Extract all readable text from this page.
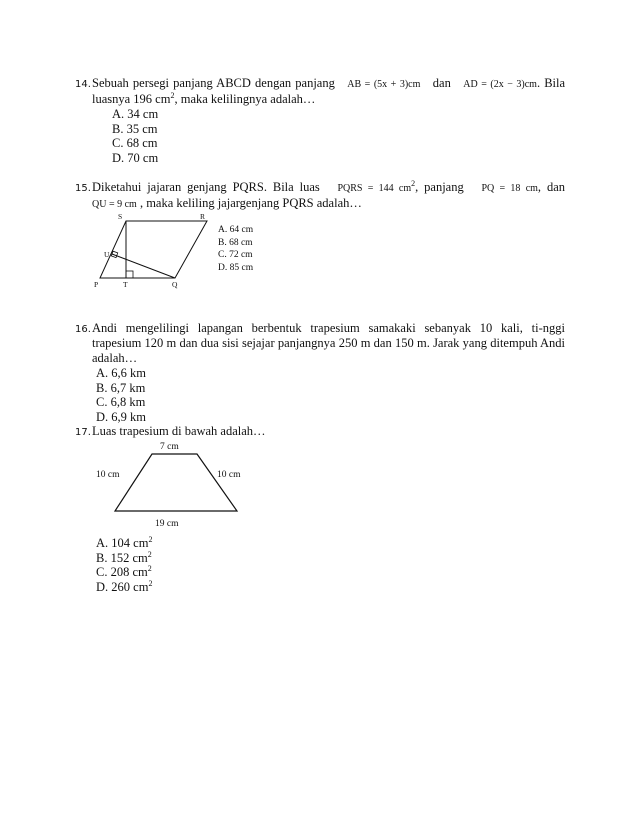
14. Sebuah persegi panjang ABCD dengan panjang AB = (5x + 3)cm dan AD = (2x − 3)cm. Bila
luasnya 196 $cm^2$, maka kelilingnya adalah…
A. 34 cm
B. 35 cm
C. 68 cm
D. 70 cm
15. Diketahui jajaran genjang PQRS. Bila luas PQRS = 144 $cm^2$, panjang PQ = 18 cm, dan
QU = 9 cm , maka keliling jajargenjang PQRS adalah…
S	R
U
P	T	Q
A. 64 cm
B. 68 cm
C. 72 cm
D. 85 cm
16. Andi mengelilingi lapangan berbentuk trapesium samakaki sebanyak 10 kali, ti-nggi trapesium 120 m dan dua sisi sejajar panjangnya 250 m dan 150 m. Jarak yang ditempuh Andi adalah…
A. 6,6 km
B. 6,7 km
C. 6,8 km
D. 6,9 km
17. Luas trapesium di bawah adalah…
7 cm
10 cm	10 cm
19 cm
A. 104 $cm^2$
B. 152 $cm^2$
C. 208 $cm^2$
D. 260 $cm^2$
